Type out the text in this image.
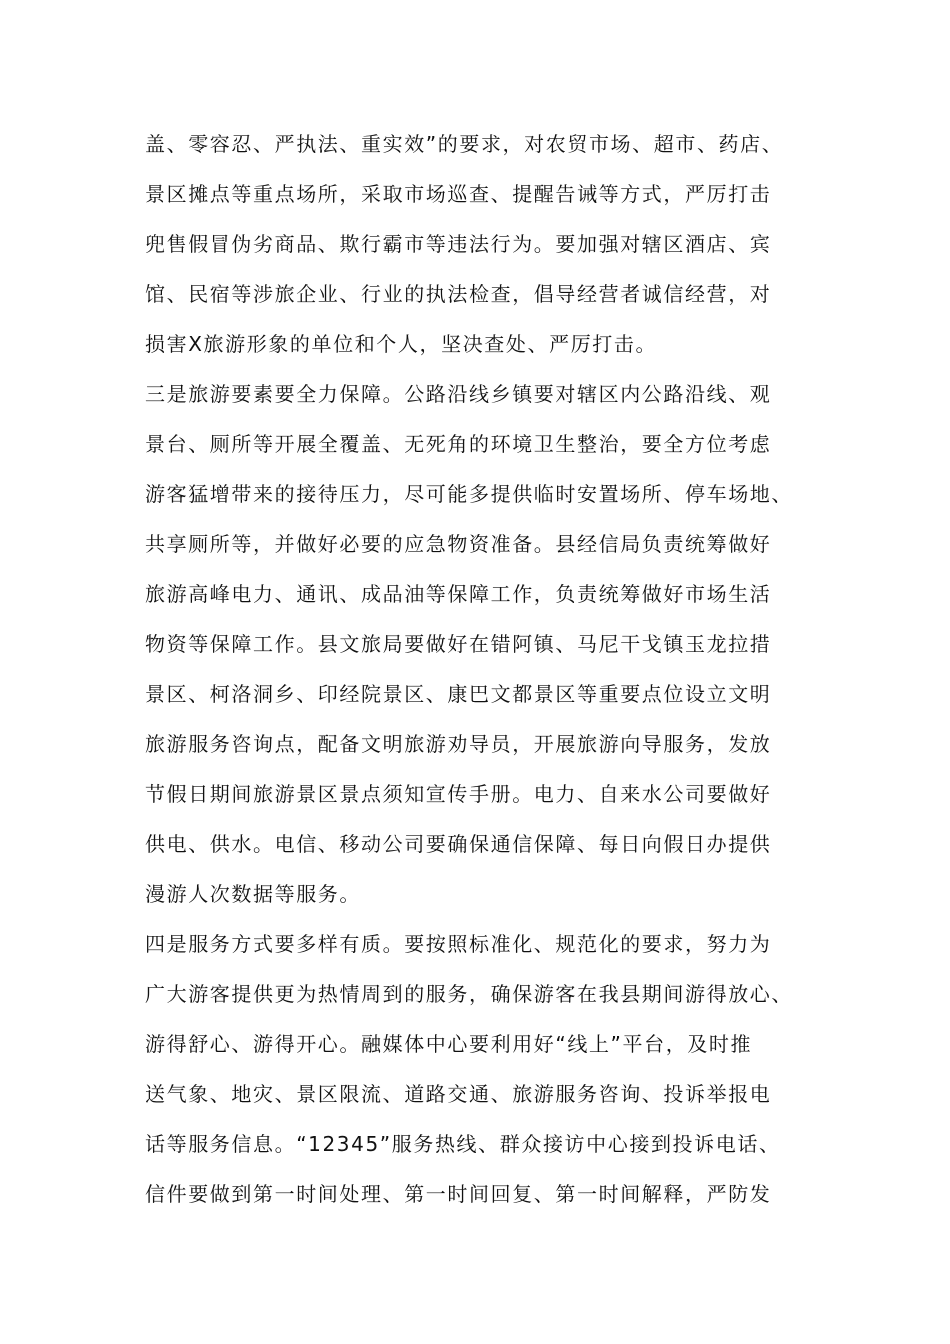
盖、零容忍、严执法、重实效”的要求，对农贸市场、超市、药店、
景区摊点等重点场所，采取市场巡查、提醒告诫等方式，严厉打击
兜售假冒伪劣商品、欺行霸市等违法行为。要加强对辖区酒店、宾
馆、民宿等涉旅企业、行业的执法检查，倡导经营者诚信经营，对
损害X旅游形象的单位和个人，坚决查处、严厉打击。
三是旅游要素要全力保障。公路沿线乡镇要对辖区内公路沿线、观
景台、厕所等开展全覆盖、无死角的环境卫生整治，要全方位考虑
游客猛增带来的接待压力，尽可能多提供临时安置场所、停车场地、
共享厕所等，并做好必要的应急物资准备。县经信局负责统筹做好
旅游高峰电力、通讯、成品油等保障工作，负责统筹做好市场生活
物资等保障工作。县文旅局要做好在错阿镇、马尼干戈镇玉龙拉措
景区、柯洛洞乡、印经院景区、康巴文都景区等重要点位设立文明
旅游服务咨询点，配备文明旅游劝导员，开展旅游向导服务，发放
节假日期间旅游景区景点须知宣传手册。电力、自来水公司要做好
供电、供水。电信、移动公司要确保通信保障、每日向假日办提供
漫游人次数据等服务。
四是服务方式要多样有质。要按照标准化、规范化的要求，努力为
广大游客提供更为热情周到的服务，确保游客在我县期间游得放心、
游得舒心、游得开心。融媒体中心要利用好“线上”平台，及时推
送气象、地灾、景区限流、道路交通、旅游服务咨询、投诉举报电
话等服务信息。“12345”服务热线、群众接访中心接到投诉电话、
信件要做到第一时间处理、第一时间回复、第一时间解释，严防发
